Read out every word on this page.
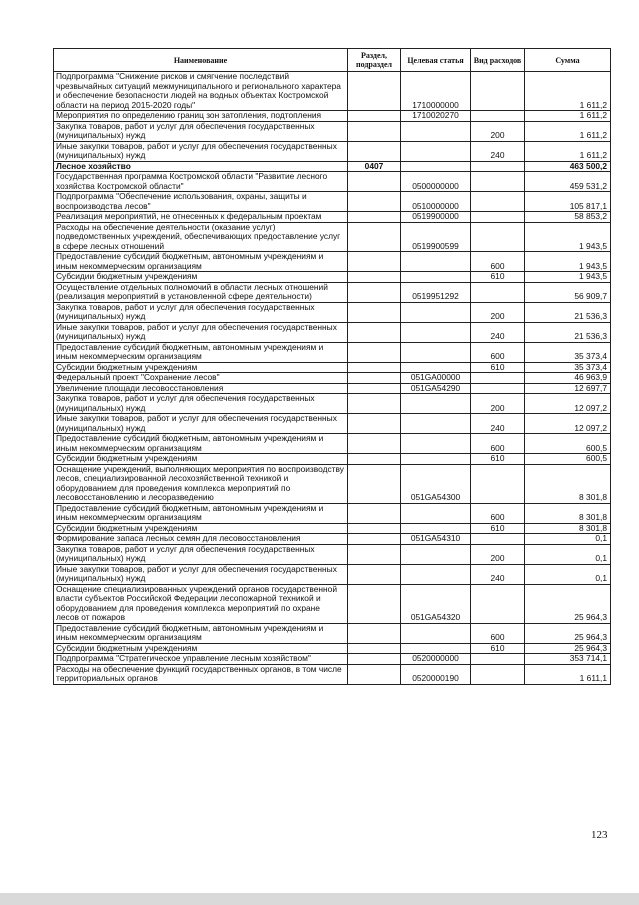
Наименование	Раздел, подраздел	Целевая статья	Вид расходов	Сумма
Подпрограмма "Снижение рисков и смягчение последствий чрезвычайных ситуаций межмуниципального и регионального характера и обеспечение безопасности людей на водных объектах Костромской области на период 2015-2020 годы"		1710000000		1 611,2
Мероприятия по определению границ зон затопления, подтопления		1710020270		1 611,2
Закупка товаров, работ и услуг для обеспечения государственных (муниципальных) нужд			200	1 611,2
Иные закупки товаров, работ и услуг для обеспечения государственных (муниципальных) нужд			240	1 611,2
Лесное хозяйство	0407			463 500,2
Государственная программа Костромской области "Развитие лесного хозяйства Костромской области"		0500000000		459 531,2
Подпрограмма "Обеспечение использования, охраны, защиты и воспроизводства лесов"		0510000000		105 817,1
Реализация мероприятий, не отнесенных к федеральным проектам		0519900000		58 853,2
Расходы на обеспечение деятельности (оказание услуг) подведомственных учреждений, обеспечивающих предоставление услуг в сфере лесных отношений		0519900599		1 943,5
Предоставление субсидий бюджетным, автономным учреждениям и иным некоммерческим организациям			600	1 943,5
Субсидии бюджетным учреждениям			610	1 943,5
Осуществление отдельных полномочий в области лесных отношений (реализация мероприятий в установленной сфере деятельности)		0519951292		56 909,7
Закупка товаров, работ и услуг для обеспечения государственных (муниципальных) нужд			200	21 536,3
Иные закупки товаров, работ и услуг для обеспечения государственных (муниципальных) нужд			240	21 536,3
Предоставление субсидий бюджетным, автономным учреждениям и иным некоммерческим организациям			600	35 373,4
Субсидии бюджетным учреждениям			610	35 373,4
Федеральный проект "Сохранение лесов"		051GA00000		46 963,9
Увеличение площади лесовосстановления		051GA54290		12 697,7
Закупка товаров, работ и услуг для обеспечения государственных (муниципальных) нужд			200	12 097,2
Иные закупки товаров, работ и услуг для обеспечения государственных (муниципальных) нужд			240	12 097,2
Предоставление субсидий бюджетным, автономным учреждениям и иным некоммерческим организациям			600	600,5
Субсидии бюджетным учреждениям			610	600,5
Оснащение учреждений, выполняющих мероприятия по воспроизводству лесов, специализированной лесохозяйственной техникой и оборудованием для проведения комплекса мероприятий по лесовосстановлению и лесоразведению		051GA54300		8 301,8
Предоставление субсидий бюджетным, автономным учреждениям и иным некоммерческим организациям			600	8 301,8
Субсидии бюджетным учреждениям			610	8 301,8
Формирование запаса лесных семян для лесовосстановления		051GA54310		0,1
Закупка товаров, работ и услуг для обеспечения государственных (муниципальных) нужд			200	0,1
Иные закупки товаров, работ и услуг для обеспечения государственных (муниципальных) нужд			240	0,1
Оснащение специализированных учреждений органов государственной власти субъектов Российской Федерации лесопожарной техникой и оборудованием для проведения комплекса мероприятий по охране лесов от пожаров		051GA54320		25 964,3
Предоставление субсидий бюджетным, автономным учреждениям и иным некоммерческим организациям			600	25 964,3
Субсидии бюджетным учреждениям			610	25 964,3
Подпрограмма "Стратегическое управление лесным хозяйством"		0520000000		353 714,1
Расходы на обеспечение функций государственных органов, в том числе территориальных органов		0520000190		1 611,1
123
